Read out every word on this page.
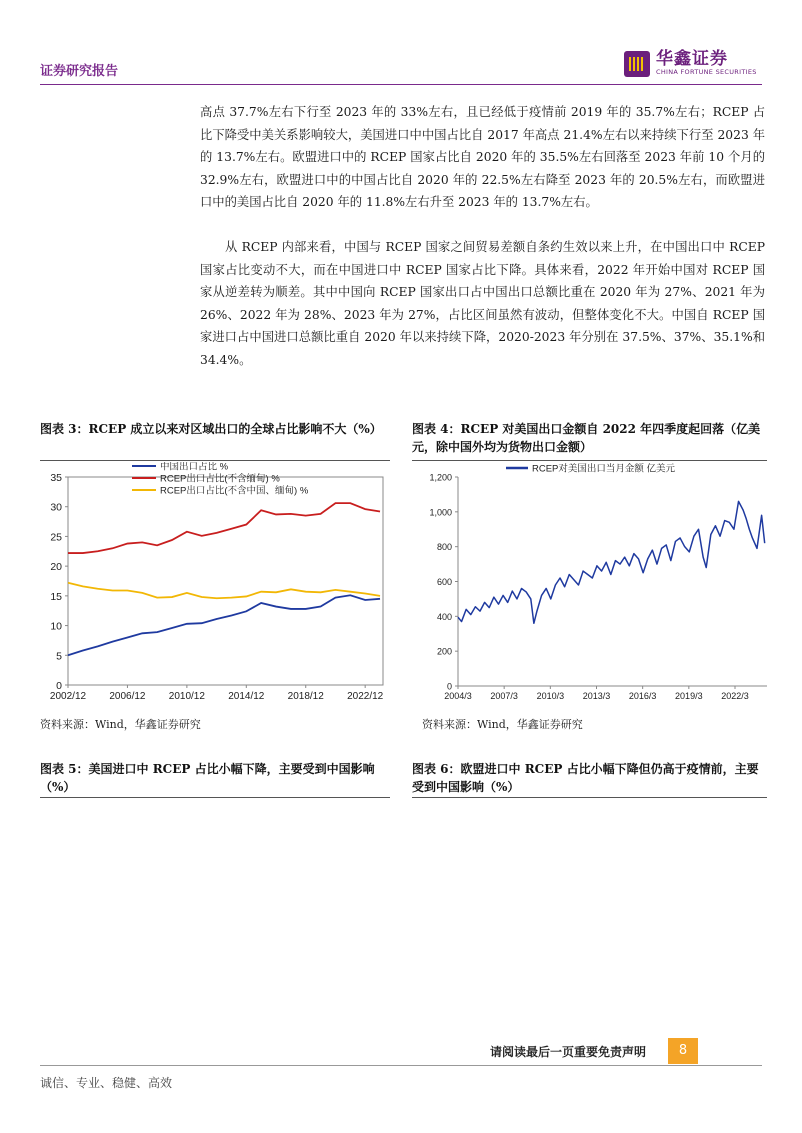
证券研究报告
华鑫证券
CHINA FORTUNE SECURITIES

高点 37.7%左右下行至 2023 年的 33%左右，且已经低于疫情前 2019 年的 35.7%左右；RCEP 占比下降受中美关系影响较大，美国进口中中国占比自 2017 年高点 21.4%左右以来持续下行至 2023 年的 13.7%左右。欧盟进口中的 RCEP 国家占比自 2020 年的 35.5%左右回落至 2023 年前 10 个月的 32.9%左右，欧盟进口中的中国占比自 2020 年的 22.5%左右降至 2023 年的 20.5%左右，而欧盟进口中的美国占比自 2020 年的 11.8%左右升至 2023 年的 13.7%左右。

从 RCEP 内部来看，中国与 RCEP 国家之间贸易差额自条约生效以来上升，在中国出口中 RCEP 国家占比变动不大，而在中国进口中 RCEP 国家占比下降。具体来看，2022 年开始中国对 RCEP 国家从逆差转为顺差。其中中国向 RCEP 国家出口占中国出口总额比重在 2020 年为 27%、2021 年为 26%、2022 年为 28%、2023 年为 27%，占比区间虽然有波动，但整体变化不大。中国自 RCEP 国家进口占中国进口总额比重自 2020 年以来持续下降，2020-2023 年分别在 37.5%、37%、35.1%和 34.4%。

图表 3：RCEP 成立以来对区域出口的全球占比影响不大（%）
0
5
10
15
20
25
30
35
2002/12 2006/12 2010/12 2014/12 2018/12 2022/12
中国出口占比 %
RCEP出口占比(不含缅甸) %
RCEP出口占比(不含中国、缅甸) %
资料来源：Wind，华鑫证券研究
图表 4：RCEP 对美国出口金额自 2022 年四季度起回落（亿美元，除中国外均为货物出口金额）
0
200
400
600
800
1,000
1,200
2004/3 2007/3 2010/3 2013/3 2016/3 2019/3 2022/3
RCEP对美国出口当月金额 亿美元
资料来源：Wind，华鑫证券研究
图表 5：美国进口中 RCEP 占比小幅下降，主要受到中国影响（%）
图表 6：欧盟进口中 RCEP 占比小幅下降但仍高于疫情前，主要受到中国影响（%）
请阅读最后一页重要免责声明	8
诚信、专业、稳健、高效
